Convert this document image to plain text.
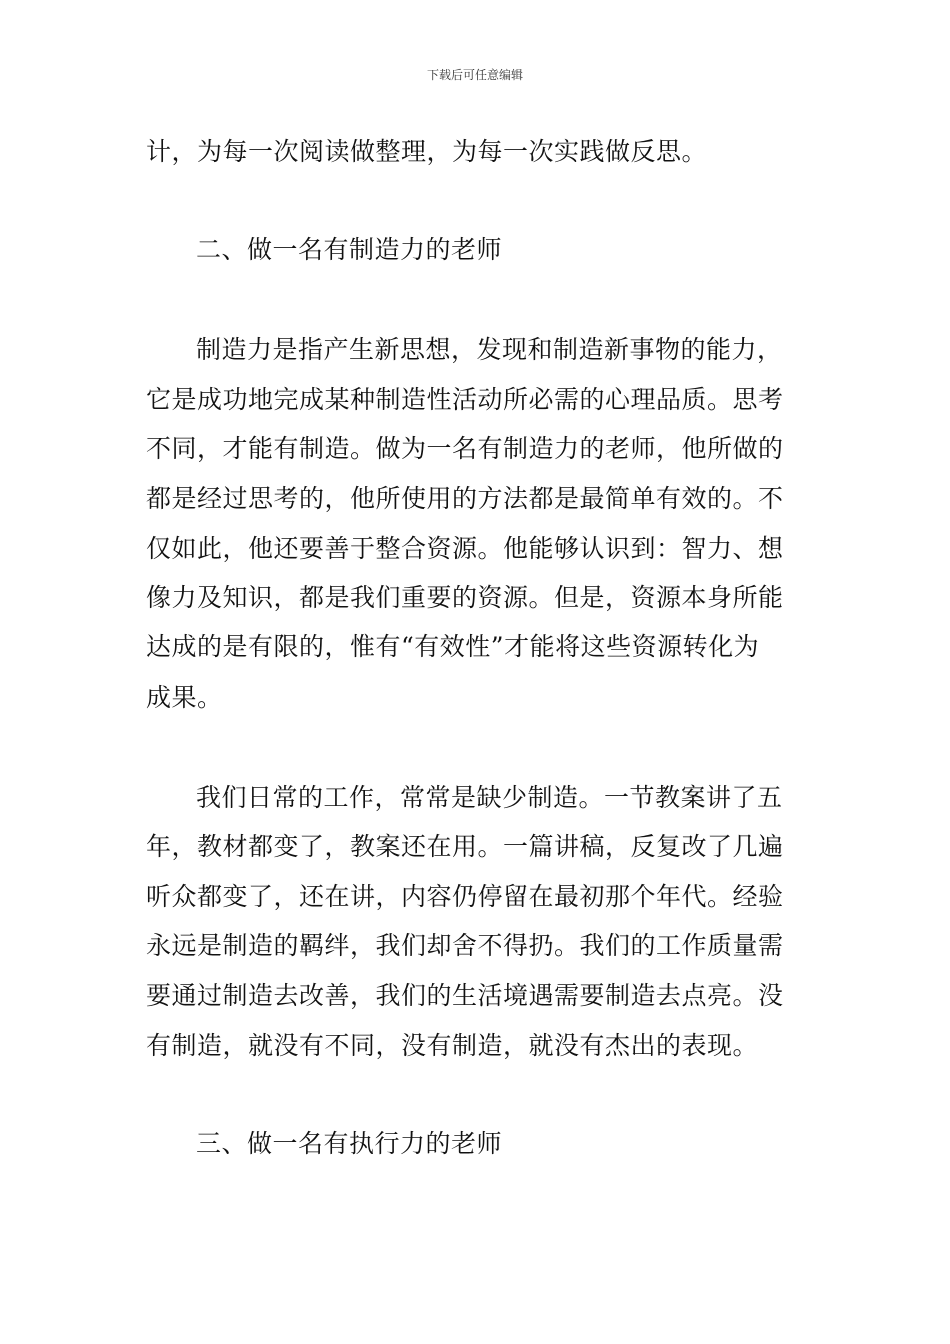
下载后可任意编辑
计，为每一次阅读做整理，为每一次实践做反思。
二、做一名有制造力的老师
制造力是指产生新思想，发现和制造新事物的能力，
它是成功地完成某种制造性活动所必需的心理品质。思考
不同，才能有制造。做为一名有制造力的老师，他所做的
都是经过思考的，他所使用的方法都是最简单有效的。不
仅如此，他还要善于整合资源。他能够认识到：智力、想
像力及知识，都是我们重要的资源。但是，资源本身所能
达成的是有限的，惟有“有效性”才能将这些资源转化为
成果。
我们日常的工作，常常是缺少制造。一节教案讲了五
年，教材都变了，教案还在用。一篇讲稿，反复改了几遍
听众都变了，还在讲，内容仍停留在最初那个年代。经验
永远是制造的羁绊，我们却舍不得扔。我们的工作质量需
要通过制造去改善，我们的生活境遇需要制造去点亮。没
有制造，就没有不同，没有制造，就没有杰出的表现。
三、做一名有执行力的老师
